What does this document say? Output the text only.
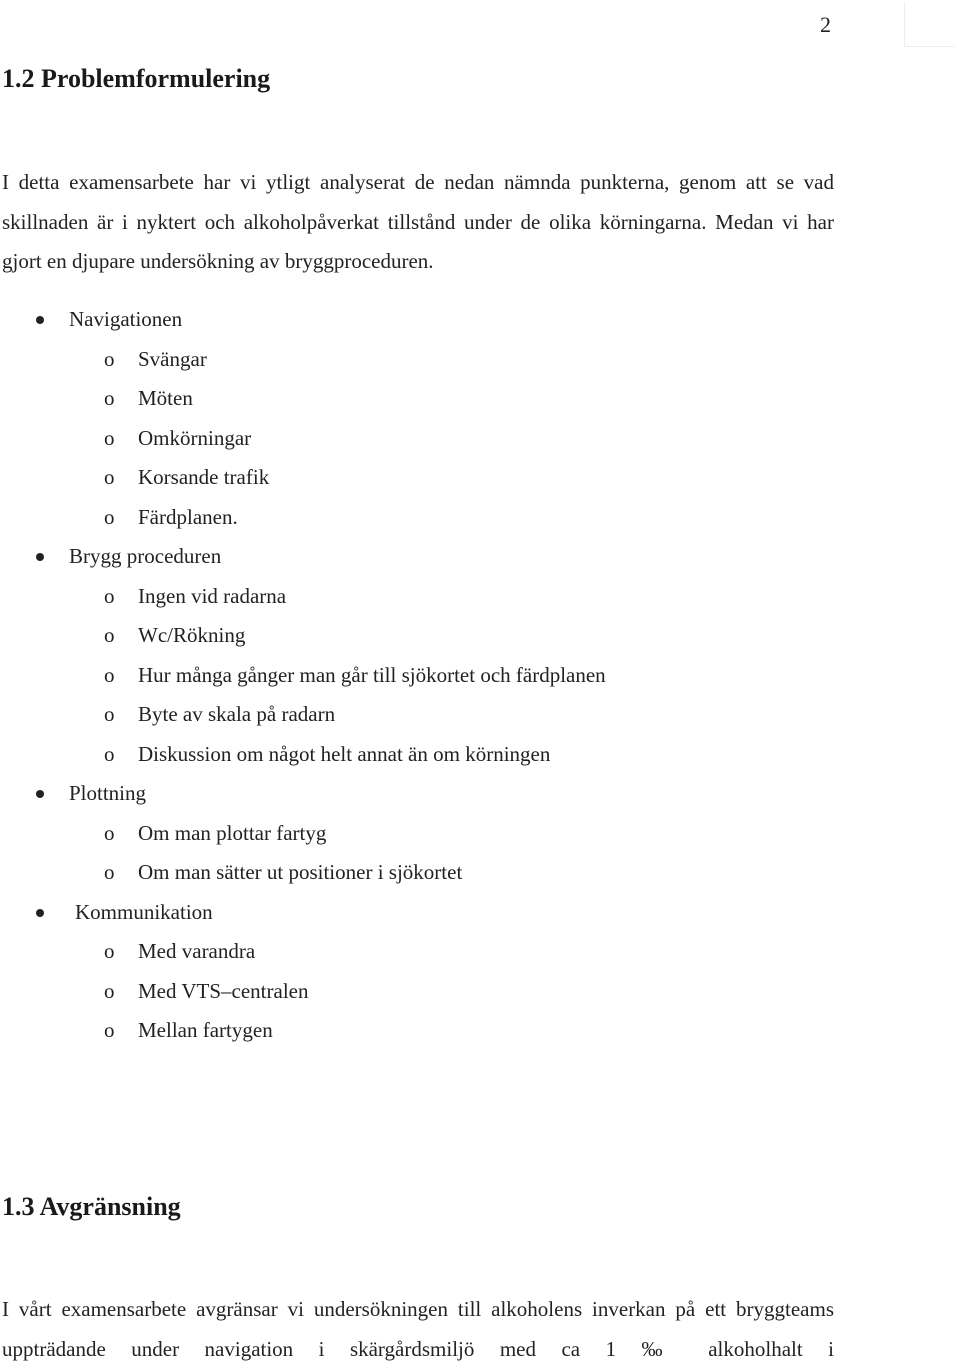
2
1.2 Problemformulering

I detta examensarbete har vi ytligt analyserat de nedan nämnda punkterna, genom att se vad skillnaden är i nyktert och alkoholpåverkat tillstånd under de olika körningarna. Medan vi har gjort en djupare undersökning av bryggproceduren.

Navigationen
o Svängar
o Möten
o Omkörningar
o Korsande trafik
o Färdplanen.
Brygg proceduren
o Ingen vid radarna
o Wc/Rökning
o Hur många gånger man går till sjökortet och färdplanen
o Byte av skala på radarn
o Diskussion om något helt annat än om körningen
Plottning
o Om man plottar fartyg
o Om man sätter ut positioner i sjökortet
Kommunikation
o Med varandra
o Med VTS–centralen
o Mellan fartygen
1.3 Avgränsning

I vårt examensarbete avgränsar vi undersökningen till alkoholens inverkan på ett bryggteams uppträdande under navigation i skärgårdsmiljö med ca 1 ‰ alkoholhalt i
